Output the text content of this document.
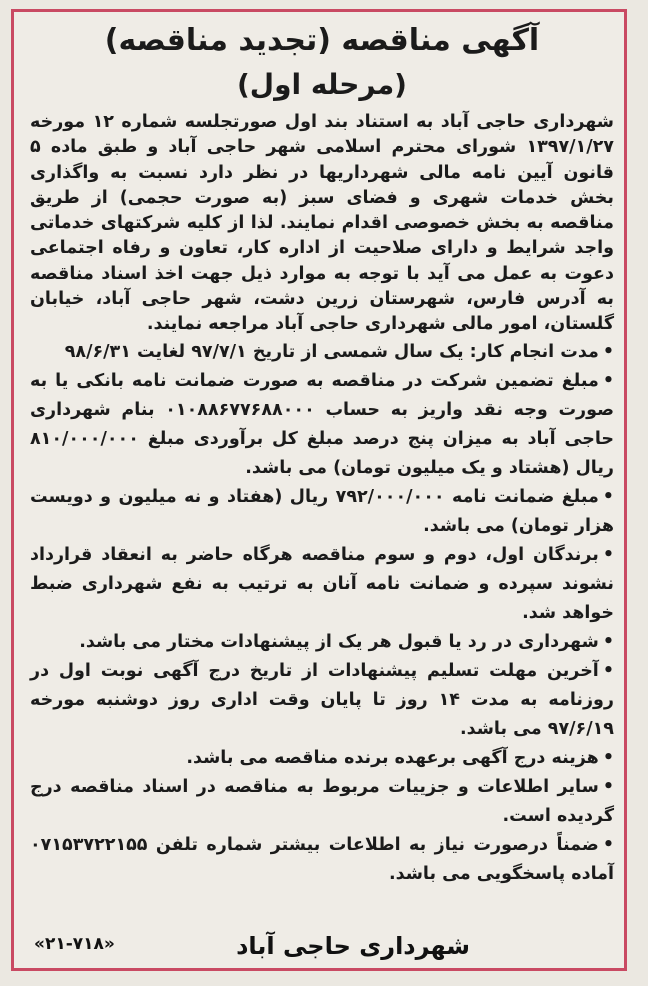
آگهی مناقصه (تجدید مناقصه)
(مرحله اول)

شهرداری حاجی آباد به استناد بند اول صورتجلسه شماره ۱۲ مورخه ۱۳۹۷/۱/۲۷ شورای محترم اسلامی شهر حاجی آباد و طبق ماده ۵ قانون آیین نامه مالی شهرداریها در نظر دارد نسبت به واگذاری بخش خدمات شهری و فضای سبز (به صورت حجمی) از طریق مناقصه به بخش خصوصی اقدام نمایند. لذا از کلیه شرکتهای خدماتی واجد شرایط و دارای صلاحیت از اداره کار، تعاون و رفاه اجتماعی دعوت به عمل می آید با توجه به موارد ذیل جهت اخذ اسناد مناقصه به آدرس فارس، شهرستان زرین دشت، شهر حاجی آباد، خیابان گلستان، امور مالی شهرداری حاجی آباد مراجعه نمایند.

•مدت انجام کار: یک سال شمسی از تاریخ ۹۷/۷/۱ لغایت ۹۸/۶/۳۱
•مبلغ تضمین شرکت در مناقصه به صورت ضمانت نامه بانکی یا به صورت وجه نقد واریز به حساب ۰۱۰۸۸۶۷۷۶۸۸۰۰۰ بنام شهرداری حاجی آباد به میزان پنج درصد مبلغ کل برآوردی مبلغ ۸۱۰/۰۰۰/۰۰۰ ریال (هشتاد و یک میلیون تومان) می باشد.
•مبلغ ضمانت نامه ۷۹۲/۰۰۰/۰۰۰ ریال (هفتاد و نه میلیون و دویست هزار تومان) می باشد.
•برندگان اول، دوم و سوم مناقصه هرگاه حاضر به انعقاد قرارداد نشوند سپرده و ضمانت نامه آنان به ترتیب به نفع شهرداری ضبط خواهد شد.
•شهرداری در رد یا قبول هر یک از پیشنهادات مختار می باشد.
•آخرین مهلت تسلیم پیشنهادات از تاریخ درج آگهی نوبت اول در روزنامه به مدت ۱۴ روز تا پایان وقت اداری روز دوشنبه مورخه ۹۷/۶/۱۹ می باشد.
•هزینه درج آگهی برعهده برنده مناقصه می باشد.
•سایر اطلاعات و جزییات مربوط به مناقصه در اسناد مناقصه درج گردیده است.
•ضمناً درصورت نیاز به اطلاعات بیشتر شماره تلفن ۰۷۱۵۳۷۲۲۱۵۵ آماده پاسخگویی می باشد.
شهرداری حاجی آباد
«۲۱-۷۱۸»
